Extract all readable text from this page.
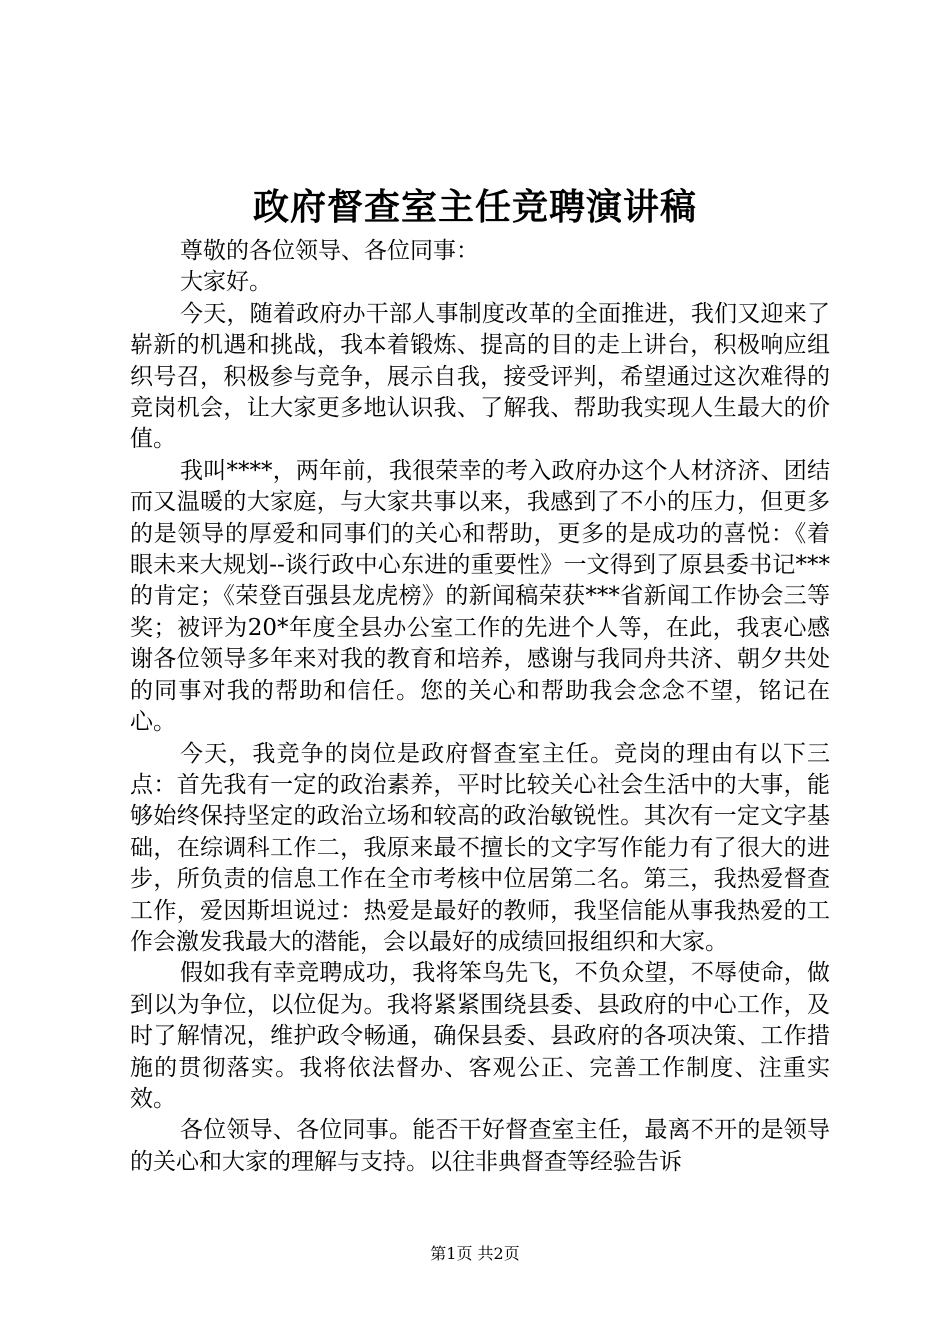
政府督查室主任竞聘演讲稿

尊敬的各位领导、各位同事：

大家好。

今天，随着政府办干部人事制度改革的全面推进，我们又迎来了崭新的机遇和挑战，我本着锻炼、提高的目的走上讲台，积极响应组织号召，积极参与竞争，展示自我，接受评判，希望通过这次难得的竞岗机会，让大家更多地认识我、了解我、帮助我实现人生最大的价值。

我叫****，两年前，我很荣幸的考入政府办这个人材济济、团结而又温暖的大家庭，与大家共事以来，我感到了不小的压力，但更多的是领导的厚爱和同事们的关心和帮助，更多的是成功的喜悦：《着眼未来大规划--谈行政中心东进的重要性》一文得到了原县委书记***的肯定；《荣登百强县龙虎榜》的新闻稿荣获***省新闻工作协会三等奖；被评为20*年度全县办公室工作的先进个人等，在此，我衷心感谢各位领导多年来对我的教育和培养，感谢与我同舟共济、朝夕共处的同事对我的帮助和信任。您的关心和帮助我会念念不望，铭记在心。

今天，我竞争的岗位是政府督查室主任。竞岗的理由有以下三点：首先我有一定的政治素养，平时比较关心社会生活中的大事，能够始终保持坚定的政治立场和较高的政治敏锐性。其次有一定文字基础，在综调科工作二，我原来最不擅长的文字写作能力有了很大的进步，所负责的信息工作在全市考核中位居第二名。第三，我热爱督查工作，爱因斯坦说过：热爱是最好的教师，我坚信能从事我热爱的工作会激发我最大的潜能，会以最好的成绩回报组织和大家。

假如我有幸竞聘成功，我将笨鸟先飞，不负众望，不辱使命，做到以为争位，以位促为。我将紧紧围绕县委、县政府的中心工作，及时了解情况，维护政令畅通，确保县委、县政府的各项决策、工作措施的贯彻落实。我将依法督办、客观公正、完善工作制度、注重实效。

各位领导、各位同事。能否干好督查室主任，最离不开的是领导的关心和大家的理解与支持。以往非典督查等经验告诉

第1页 共2页
